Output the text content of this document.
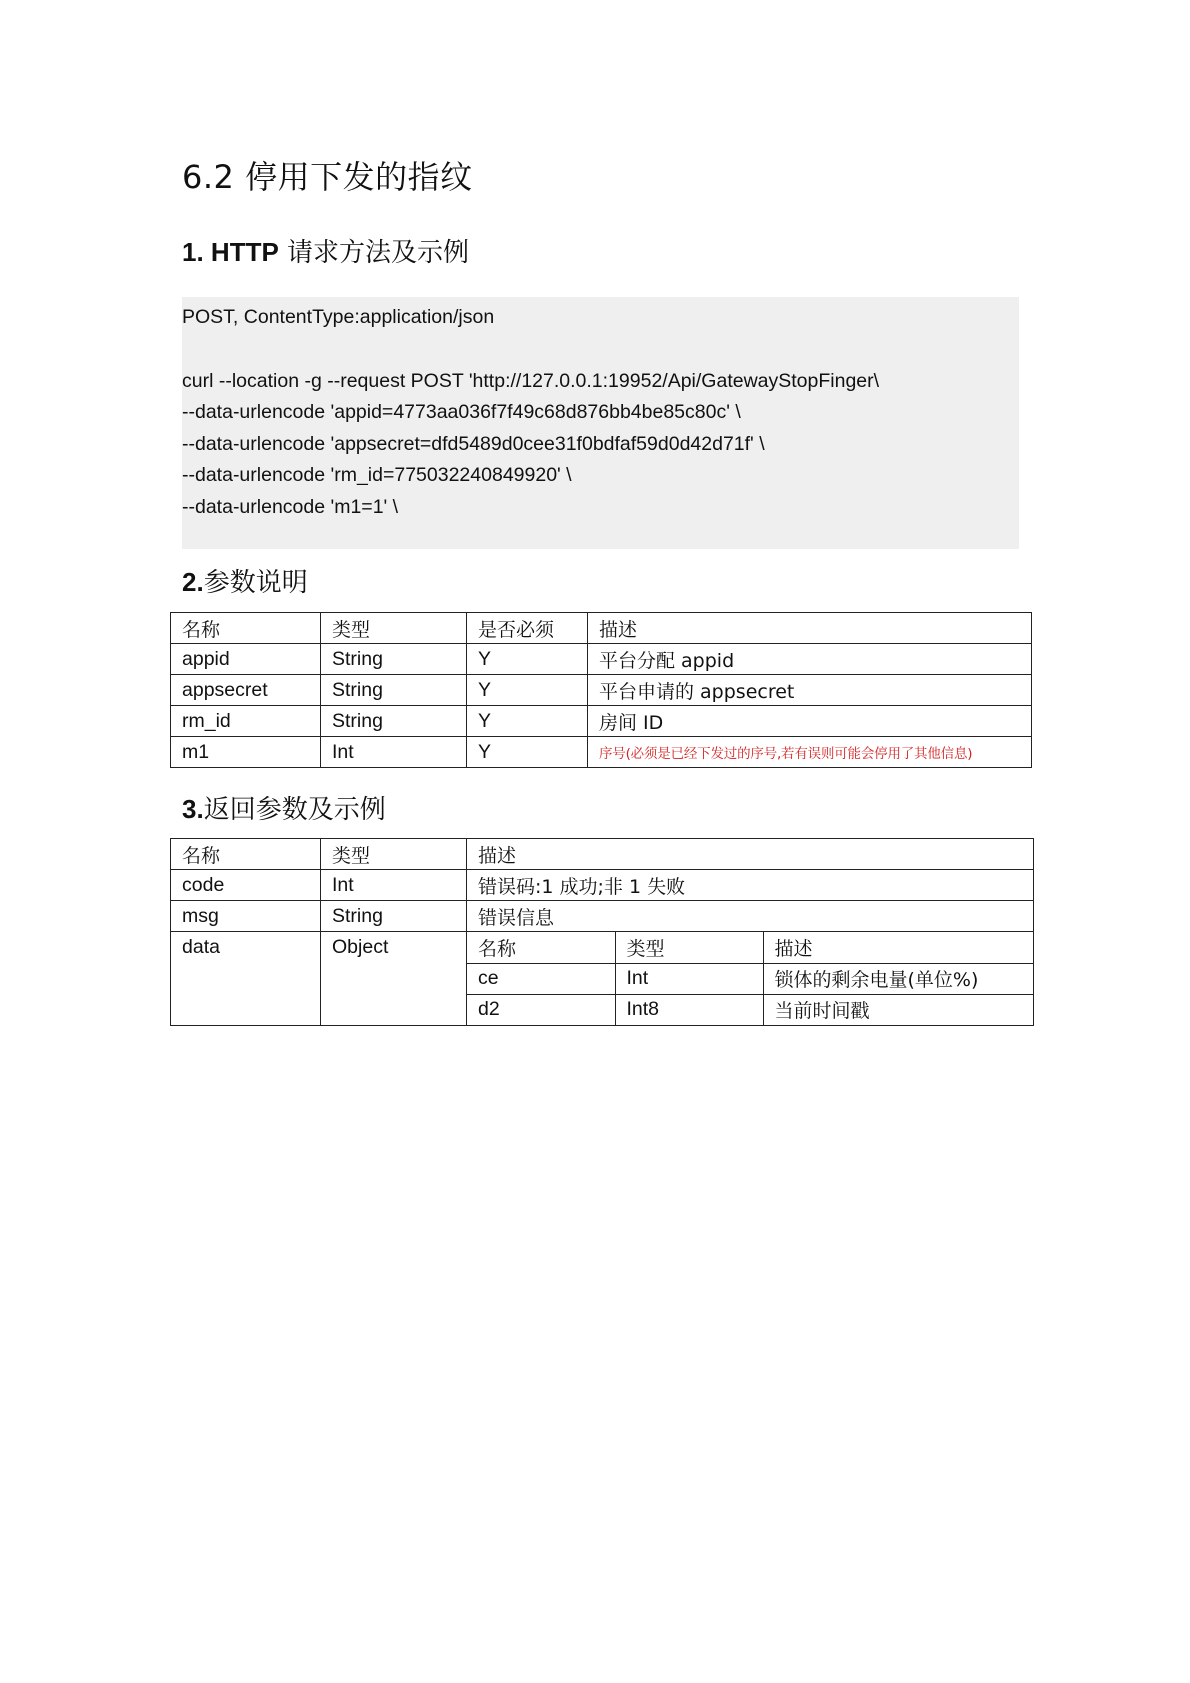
6.2 停用下发的指纹
1. HTTP 请求方法及示例
POST, ContentType:application/json
curl --location -g --request POST 'http://127.0.0.1:19952/Api/GatewayStopFinger\
--data-urlencode 'appid=4773aa036f7f49c68d876bb4be85c80c' \
--data-urlencode 'appsecret=dfd5489d0cee31f0bdfaf59d0d42d71f' \
--data-urlencode 'rm_id=775032240849920' \
--data-urlencode 'm1=1' \
2.参数说明
名称	类型	是否必须	描述
appid	String	Y	平台分配 appid
appsecret	String	Y	平台申请的 appsecret
rm_id	String	Y	房间 ID
m1	Int	Y	序号(必须是已经下发过的序号,若有误则可能会停用了其他信息)
3.返回参数及示例
名称	类型	描述
code	Int	错误码:1 成功;非 1 失败
msg	String	错误信息
data	Object		名称	类型	描述
ce	Int	锁体的剩余电量(单位%)
d2	Int8	当前时间戳
